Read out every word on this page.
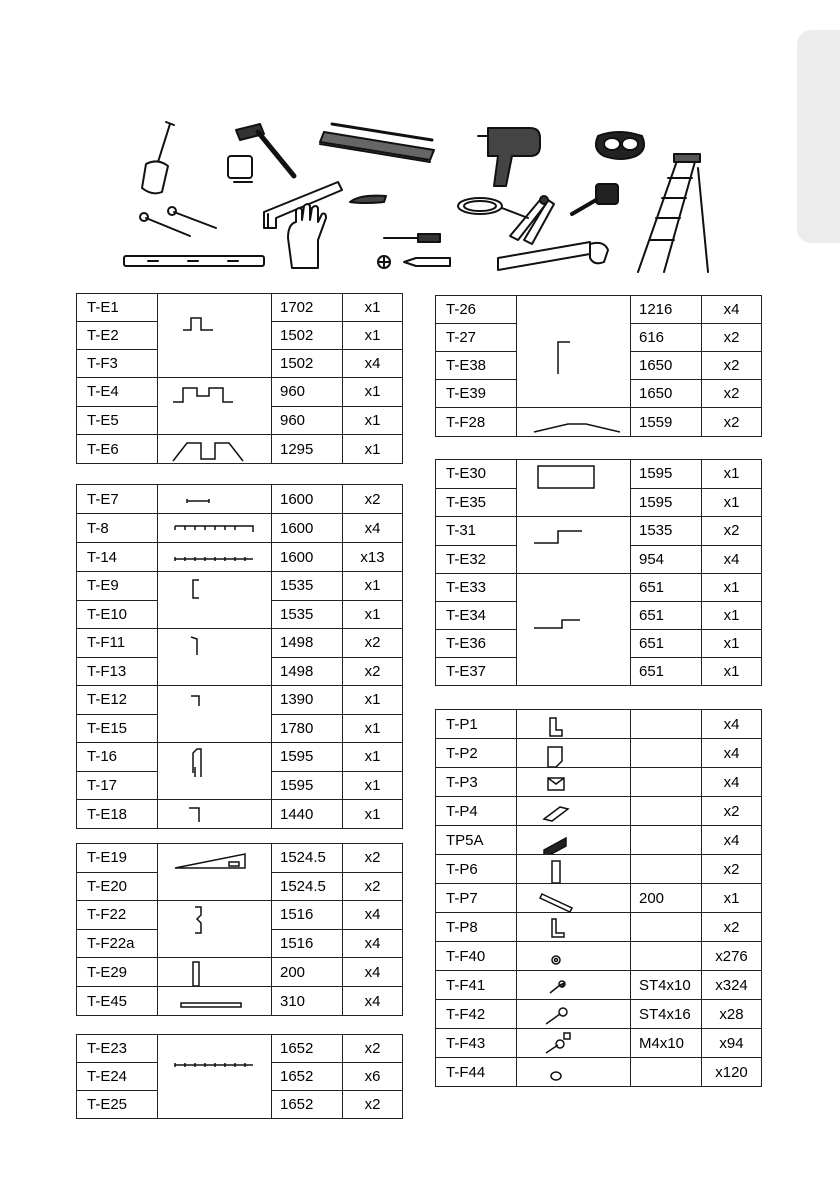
T-E1		1702	x1
T-E2		1502	x1
T-F3		1502	x4
T-E4		960	x1
T-E5		960	x1
T-E6		1295	x1
T-E7		1600	x2
T-8		1600	x4
T-14		1600	x13
T-E9		1535	x1
T-E10		1535	x1
T-F11		1498	x2
T-F13		1498	x2
T-E12		1390	x1
T-E15		1780	x1
T-16		1595	x1
T-17		1595	x1
T-E18		1440	x1
T-E19		1524.5	x2
T-E20		1524.5	x2
T-F22		1516	x4
T-F22a		1516	x4
T-E29		200	x4
T-E45		310	x4
T-E23		1652	x2
T-E24		1652	x6
T-E25		1652	x2
T-26		1216	x4
T-27		616	x2
T-E38		1650	x2
T-E39		1650	x2
T-F28		1559	x2
T-E30		1595	x1
T-E35		1595	x1
T-31		1535	x2
T-E32		954	x4
T-E33		651	x1
T-E34		651	x1
T-E36		651	x1
T-E37		651	x1
T-P1			x4
T-P2			x4
T-P3			x4
T-P4			x2
TP5A			x4
T-P6			x2
T-P7		200	x1
T-P8			x2
T-F40			x276
T-F41		ST4x10	x324
T-F42		ST4x16	x28
T-F43		M4x10	x94
T-F44			x120
